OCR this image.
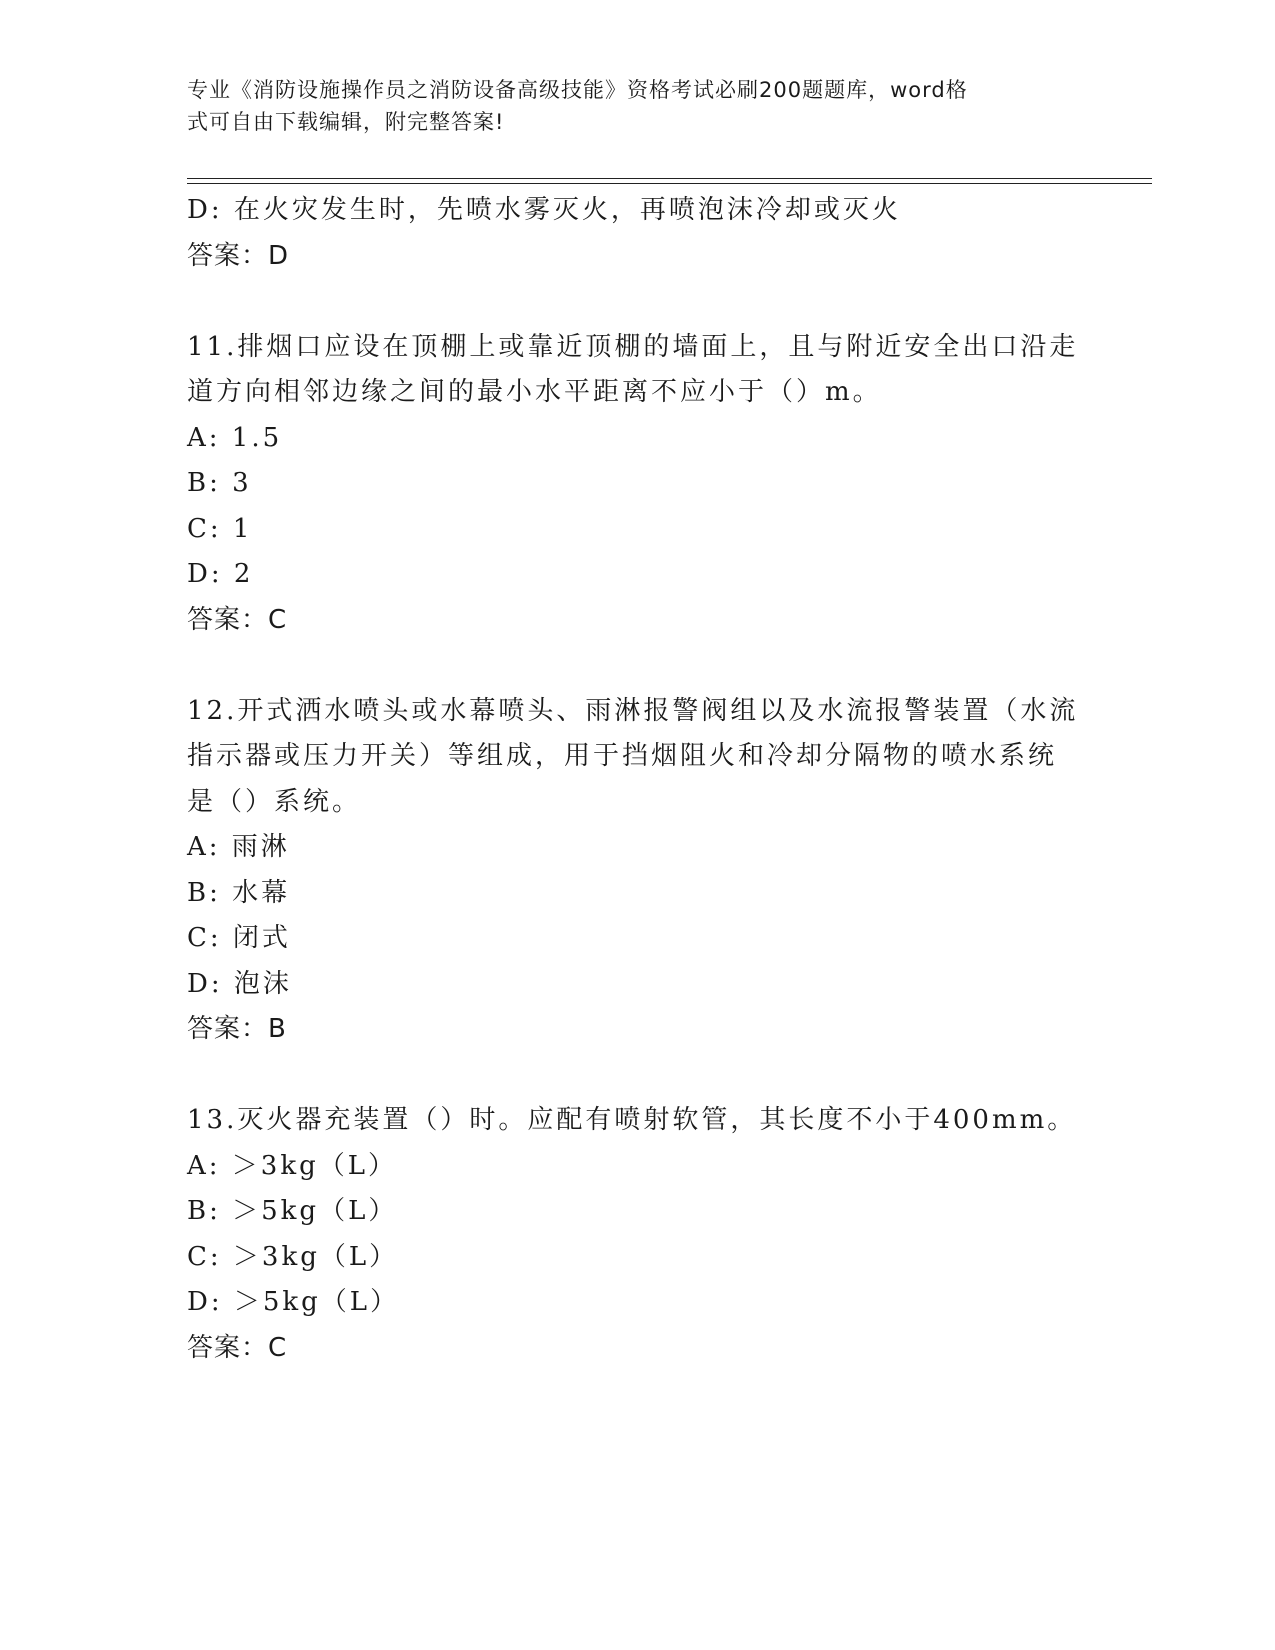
专业《消防设施操作员之消防设备高级技能》资格考试必刷200题题库，word格
式可自由下载编辑，附完整答案!
D: 在火灾发生时，先喷水雾灭火，再喷泡沫冷却或灭火
答案：D
11.排烟口应设在顶棚上或靠近顶棚的墙面上，且与附近安全出口沿走
道方向相邻边缘之间的最小水平距离不应小于（）m。
A: 1.5
B: 3
C: 1
D: 2
答案：C
12.开式洒水喷头或水幕喷头、雨淋报警阀组以及水流报警装置（水流
指示器或压力开关）等组成，用于挡烟阻火和冷却分隔物的喷水系统
是（）系统。
A: 雨淋
B: 水幕
C: 闭式
D: 泡沫
答案：B
13.灭火器充装置（）时。应配有喷射软管，其长度不小于400mm。
A: ＞3kg（L）
B: ＞5kg（L）
C: ＞3kg（L）
D: ＞5kg（L）
答案：C
